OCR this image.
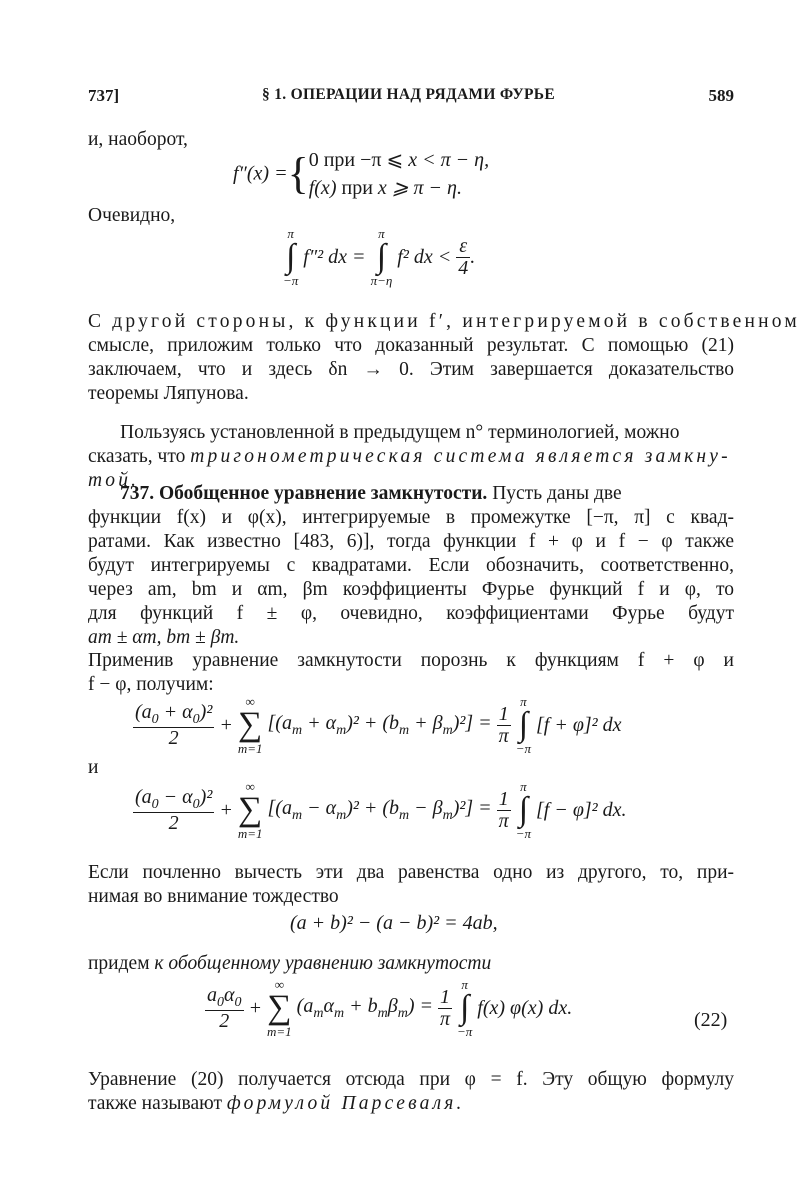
737]	§ 1. ОПЕРАЦИИ НАД РЯДАМИ ФУРЬЕ	589
и, наоборот,
f″(x) ={0 при −π ⩽ x < π − η,
f(x) при x ⩾ π − η.
Очевидно,
π
∫
−π
f″² dx =
π
∫
π−η
f² dx < $\frac{\varepsilon}{4}$ .
С другой стороны, к функции f′, интегрируемой в собственном
смысле, приложим только что доказанный результат. С помощью (21)
заключаем, что и здесь δn → 0. Этим завершается доказательство
теоремы Ляпунова.
Пользуясь установленной в предыдущем n° терминологией, можно
сказать, что тригонометрическая система является замкну-
той.
737. Обобщенное уравнение замкнутости. Пусть даны две
функции f(x) и φ(x), интегрируемые в промежутке [−π, π] с квад-
ратами. Как известно [483, 6)], тогда функции f + φ и f − φ также
будут интегрируемы с квадратами. Если обозначить, соответственно,
через am, bm и αm, βm коэффициенты Фурье функций f и φ, то
для функций f ± φ, очевидно, коэффициентами Фурье будут
am ± αm, bm ± βm.
Применив уравнение замкнутости порознь к функциям f + φ и
f − φ, получим:
$\frac{(a_0 + \alpha_0)^2}{2}$ +
∞
∑
m=1
$[(a_m + \alpha_m)^2 + (b_m + \beta_m)^2] = \frac{1}{\pi}$

π
∫
−π
[f + φ]² dx
и
$\frac{(a_0 - \alpha_0)^2}{2}$ +
∞
∑
m=1
$[(a_m - \alpha_m)^2 + (b_m - \beta_m)^2] = \frac{1}{\pi}$

π
∫
−π
[f − φ]² dx.
Если почленно вычесть эти два равенства одно из другого, то, при-
нимая во внимание тождество
(a + b)² − (a − b)² = 4ab,
придем к обобщенному уравнению замкнутости
$\frac{a_0\alpha_0}{2}$ +
∞
∑
m=1
$(a_m\alpha_m + b_m\beta_m) = \frac{1}{\pi}$

π
∫
−π
f(x) φ(x) dx.
(22)
Уравнение (20) получается отсюда при φ = f. Эту общую формулу
также называют формулой Парсеваля.
